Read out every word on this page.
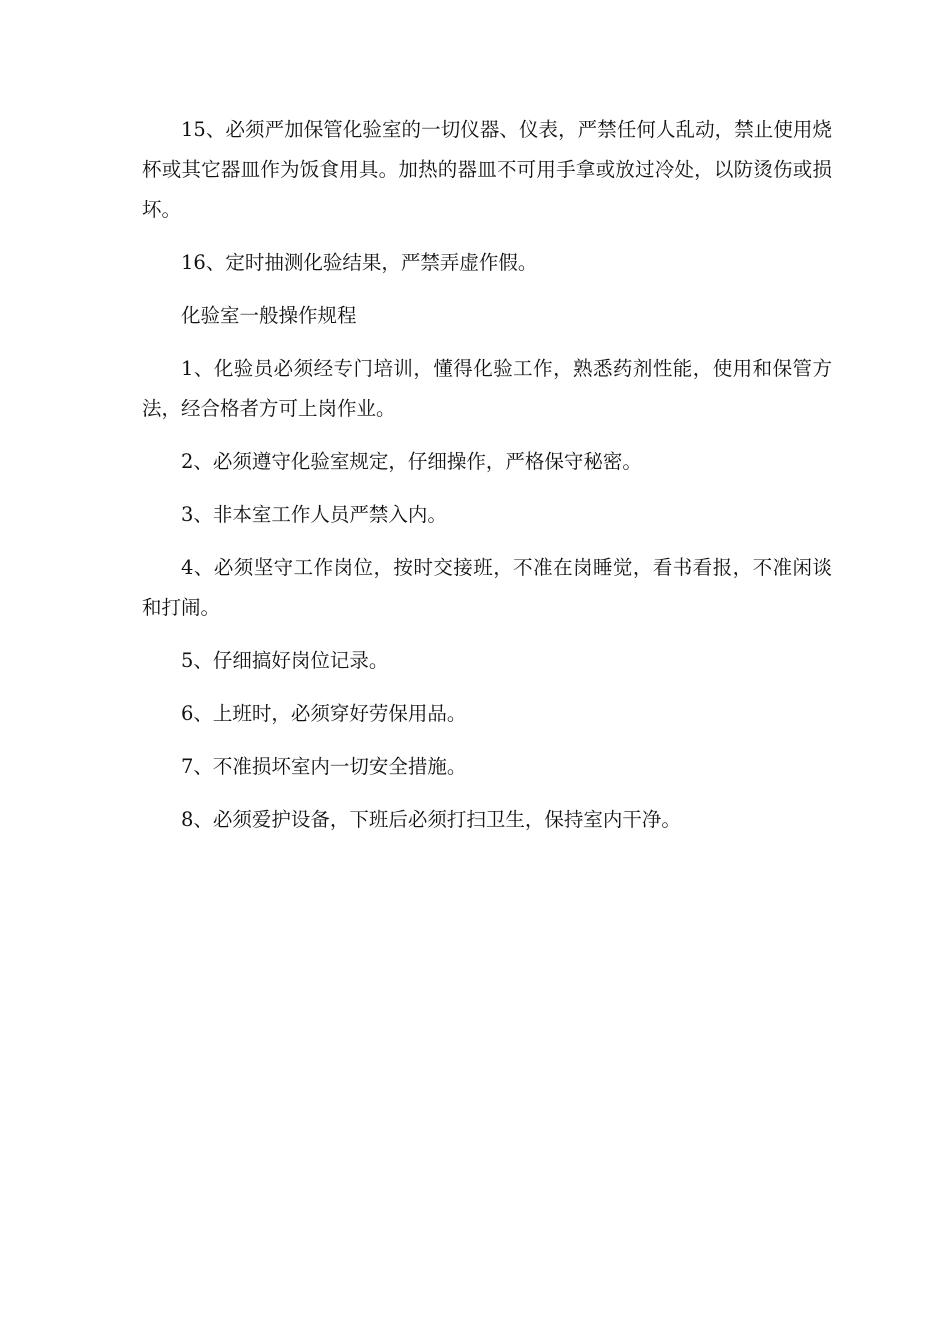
15、必须严加保管化验室的一切仪器、仪表，严禁任何人乱动，禁止使用烧杯或其它器皿作为饭食用具。加热的器皿不可用手拿或放过冷处，以防烫伤或损坏。

16、定时抽测化验结果，严禁弄虚作假。

化验室一般操作规程

1、化验员必须经专门培训，懂得化验工作，熟悉药剂性能，使用和保管方法，经合格者方可上岗作业。

2、必须遵守化验室规定，仔细操作，严格保守秘密。

3、非本室工作人员严禁入内。

4、必须坚守工作岗位，按时交接班，不准在岗睡觉，看书看报，不准闲谈和打闹。

5、仔细搞好岗位记录。

6、上班时，必须穿好劳保用品。

7、不准损坏室内一切安全措施。

8、必须爱护设备，下班后必须打扫卫生，保持室内干净。
